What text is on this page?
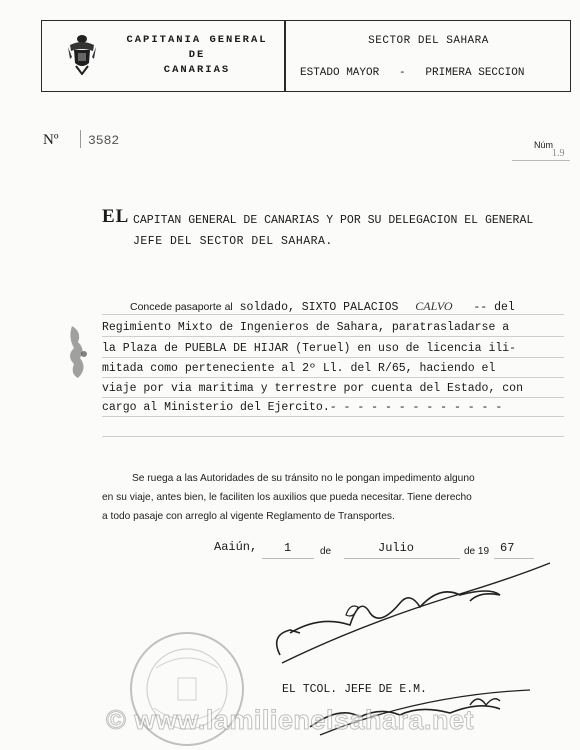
CAPITANIA GENERAL
DE
CANARIAS
SECTOR DEL SAHARA
ESTADO MAYOR   -   PRIMERA SECCION
Nº 3582	Núm
1.9
EL CAPITAN GENERAL DE CANARIAS Y POR SU DELEGACION EL GENERAL
JEFE DEL SECTOR DEL SAHARA.
Concede pasaporte al soldado, SIXTO PALACIOS CALVO -- del
Regimiento Mixto de Ingenieros de Sahara, paratrasladarse a
la Plaza de PUEBLA DE HIJAR (Teruel) en uso de licencia ili-
mitada como perteneciente al 2º Ll. del R/65, haciendo el
viaje por via maritima y terrestre por cuenta del Estado, con
cargo al Ministerio del Ejercito.- - - - - - - - - - - - -
Se ruega a las Autoridades de su tránsito no le pongan impedimento alguno
en su viaje, antes bien, le faciliten los auxilios que pueda necesitar. Tiene derecho
a todo pasaje con arreglo al vigente Reglamento de Transportes.
Aaiún, 1	de	Julio	de 19 67
EL TCOL. JEFE DE E.M.
© www.lamilienelsahara.net
